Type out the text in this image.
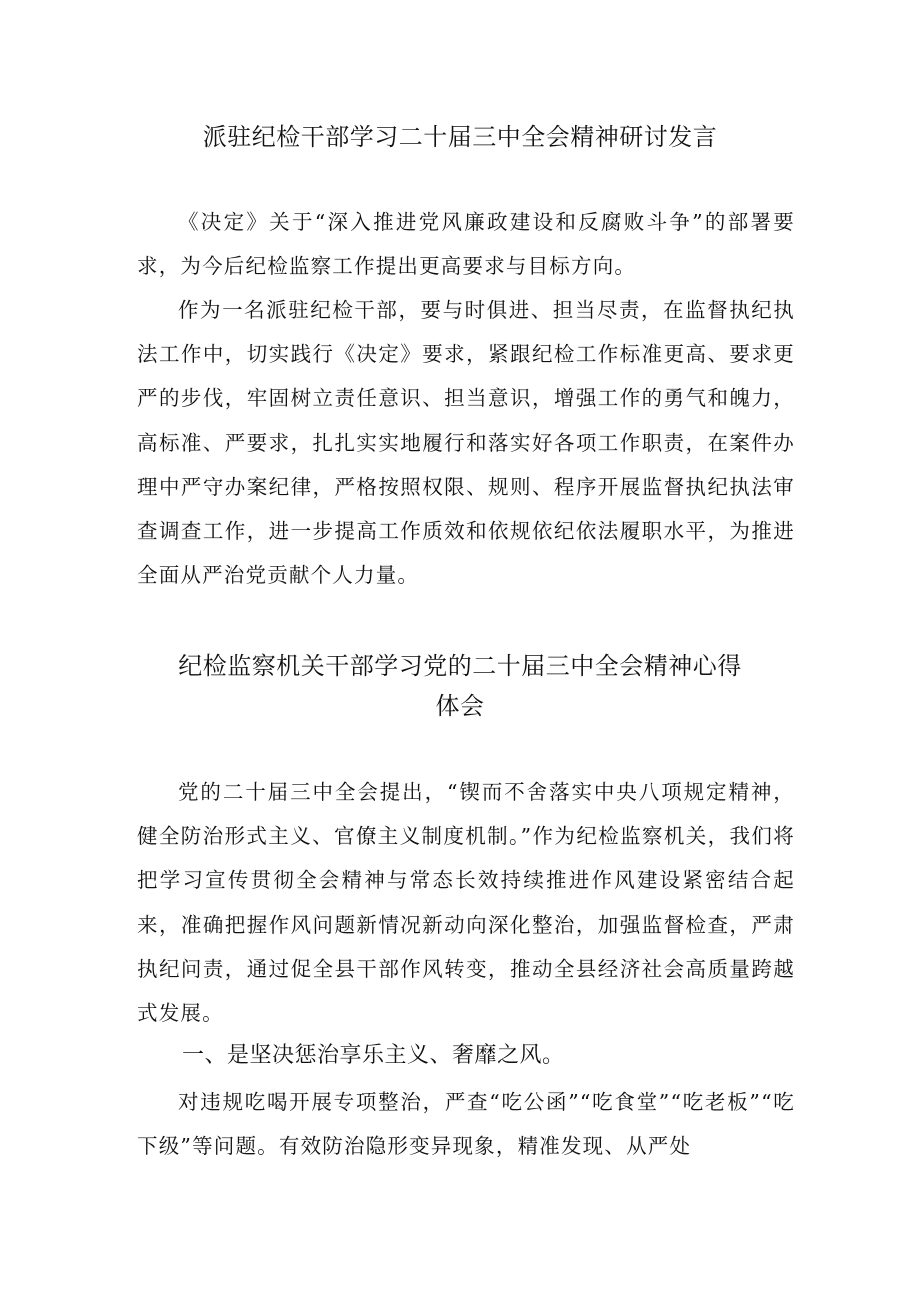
派驻纪检干部学习二十届三中全会精神研讨发言

《决定》关于“深入推进党风廉政建设和反腐败斗争”的部署要求，为今后纪检监察工作提出更高要求与目标方向。

作为一名派驻纪检干部，要与时俱进、担当尽责，在监督执纪执法工作中，切实践行《决定》要求，紧跟纪检工作标准更高、要求更严的步伐，牢固树立责任意识、担当意识，增强工作的勇气和魄力，高标准、严要求，扎扎实实地履行和落实好各项工作职责，在案件办理中严守办案纪律，严格按照权限、规则、程序开展监督执纪执法审查调查工作，进一步提高工作质效和依规依纪依法履职水平，为推进全面从严治党贡献个人力量。

纪检监察机关干部学习党的二十届三中全会精神心得
体会

党的二十届三中全会提出，“锲而不舍落实中央八项规定精神，健全防治形式主义、官僚主义制度机制。”作为纪检监察机关，我们将把学习宣传贯彻全会精神与常态长效持续推进作风建设紧密结合起来，准确把握作风问题新情况新动向深化整治，加强监督检查，严肃执纪问责，通过促全县干部作风转变，推动全县经济社会高质量跨越式发展。

一、是坚决惩治享乐主义、奢靡之风。

对违规吃喝开展专项整治，严查“吃公函”“吃食堂”“吃老板”“吃下级”等问题。有效防治隐形变异现象，精准发现、从严处
